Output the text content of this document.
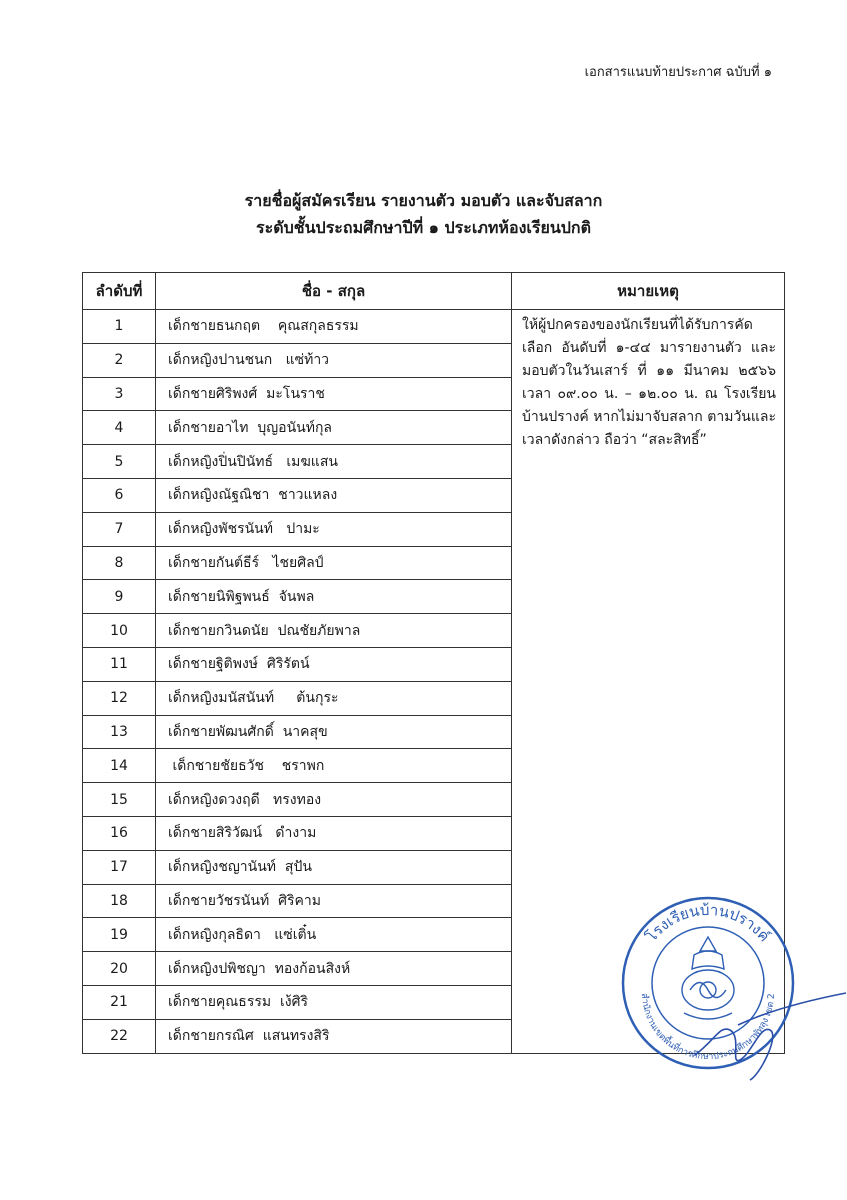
เอกสารแนบท้ายประกาศ ฉบับที่ ๑
รายชื่อผู้สมัครเรียน รายงานตัว มอบตัว และจับสลาก
ระดับชั้นประถมศึกษาปีที่ ๑ ประเภทห้องเรียนปกติ
ลำดับที่	ชื่อ - สกุล	หมายเหตุ
1	เด็กชายธนกฤต    คุณสกุลธรรม	ให้ผู้ปกครองของนักเรียนที่ได้รับการคัดเลือก อันดับที่ ๑-๔๔ มารายงานตัว และมอบตัวในวันเสาร์ ที่ ๑๑ มีนาคม ๒๕๖๖ เวลา ๐๙.๐๐ น. – ๑๒.๐๐ น. ณ โรงเรียนบ้านปรางค์ หากไม่มาจับสลาก ตามวันและเวลาดังกล่าว ถือว่า “สละสิทธิ์”
2	เด็กหญิงปานชนก   แซ่ท้าว	
3	เด็กชายศิริพงศ์  มะโนราช	
4	เด็กชายอาไท  บุญอนันท์กุล	
5	เด็กหญิงปิ่นปินัทธ์   เมฆแสน	
6	เด็กหญิงณัฐณิชา  ชาวแหลง	
7	เด็กหญิงพัชรนันท์   ปามะ	
8	เด็กชายกันต์ธีร์   ไชยศิลป์	
9	เด็กชายนิพิฐพนธ์  จันพล	
10	เด็กชายกวินดนัย  ปณชัยภัยพาล	
11	เด็กชายฐิติพงษ์  ศิริรัตน์	
12	เด็กหญิงมนัสนันท์     ต้นกุระ	
13	เด็กชายพัฒนศักดิ์  นาคสุข	
14	เด็กชายชัยธวัช    ชราพก	
15	เด็กหญิงดวงฤดี   ทรงทอง	
16	เด็กชายสิริวัฒน์   ดำงาม	
17	เด็กหญิงชญานันท์  สุปัน	
18	เด็กชายวัชรนันท์  ศิริคาม	
19	เด็กหญิงกุลธิดา   แซ่เติ๋น	
20	เด็กหญิงปพิชญา  ทองก้อนสิงห์	
21	เด็กชายคุณธรรม  เง้ศิริ	
22	เด็กชายกรณิศ  แสนทรงสิริ	
โรงเรียนบ้านปรางค์
สำนักงานเขตพื้นที่การศึกษาประถมศึกษาพัทลุง เขต 2
